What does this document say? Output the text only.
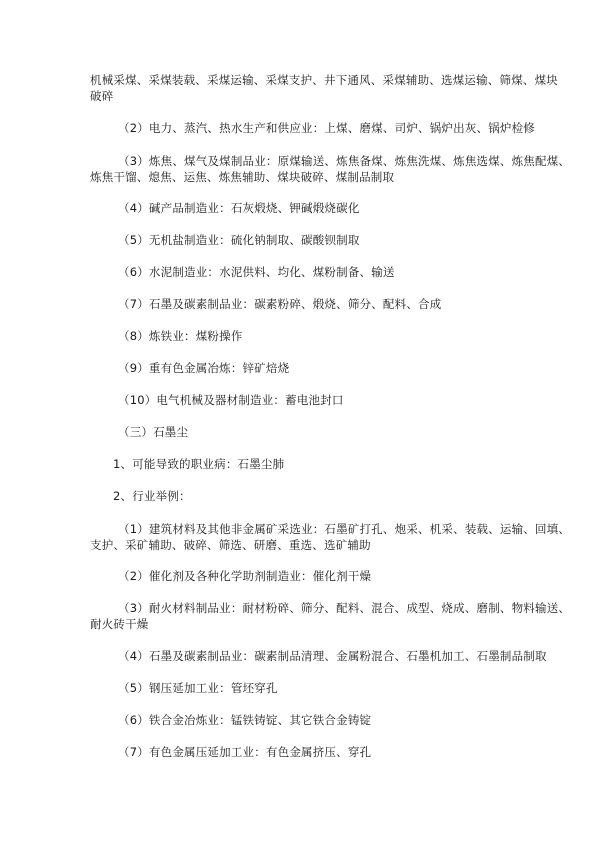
机械采煤、采煤装载、采煤运输、采煤支护、井下通风、采煤辅助、选煤运输、筛煤、煤块
破碎
（2）电力、蒸汽、热水生产和供应业：上煤、磨煤、司炉、锅炉出灰、锅炉检修
（3）炼焦、煤气及煤制品业：原煤输送、炼焦备煤、炼焦洗煤、炼焦选煤、炼焦配煤、
炼焦干馏、熄焦、运焦、炼焦辅助、煤块破碎、煤制品制取
（4）碱产品制造业：石灰煅烧、钾碱煅烧碳化
（5）无机盐制造业：硫化钠制取、碳酸钡制取
（6）水泥制造业：水泥供料、均化、煤粉制备、输送
（7）石墨及碳素制品业：碳素粉碎、煅烧、筛分、配料、合成
（8）炼铁业：煤粉操作
（9）重有色金属冶炼：锌矿焙烧
（10）电气机械及器材制造业：蓄电池封口
（三）石墨尘
1、可能导致的职业病：石墨尘肺
2、行业举例：
（1）建筑材料及其他非金属矿采选业：石墨矿打孔、炮采、机采、装载、运输、回填、
支护、采矿辅助、破碎、筛选、研磨、重选、选矿辅助
（2）催化剂及各种化学助剂制造业：催化剂干燥
（3）耐火材料制品业：耐材粉碎、筛分、配料、混合、成型、烧成、磨制、物料输送、
耐火砖干燥
（4）石墨及碳素制品业：碳素制品清理、金属粉混合、石墨机加工、石墨制品制取
（5）钢压延加工业：管坯穿孔
（6）铁合金冶炼业：锰铁铸锭、其它铁合金铸锭
（7）有色金属压延加工业：有色金属挤压、穿孔
